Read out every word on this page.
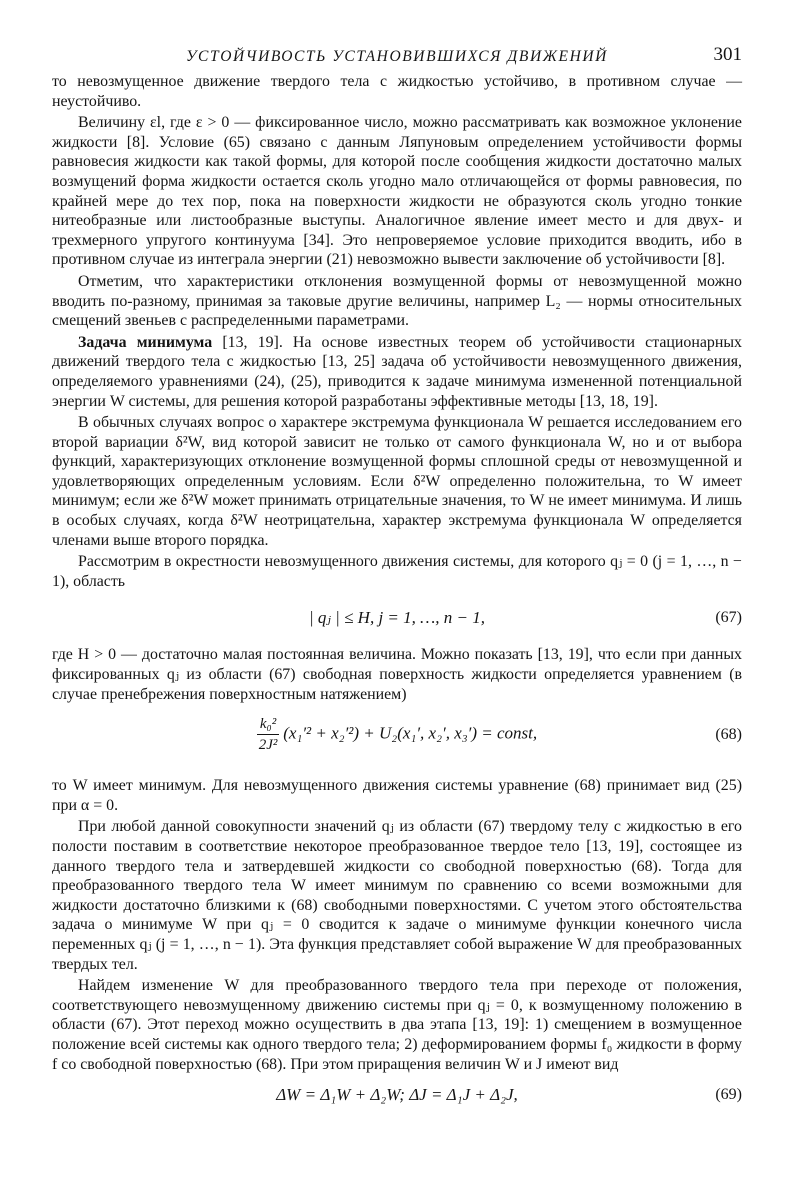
УСТОЙЧИВОСТЬ УСТАНОВИВШИХСЯ ДВИЖЕНИЙ	301

то невозмущенное движение твердого тела с жидкостью устойчиво, в противном случае — неустойчиво.

Величину εl, где ε > 0 — фиксированное число, можно рассматривать как возможное уклонение жидкости [8]. Условие (65) связано с данным Ляпуновым определением устойчивости формы равновесия жидкости как такой формы, для которой после сообщения жидкости достаточно малых возмущений форма жидкости остается сколь угодно мало отличающейся от формы равновесия, по крайней мере до тех пор, пока на поверхности жидкости не образуются сколь угодно тонкие нитеобразные или листообразные выступы. Аналогичное явление имеет место и для двух- и трехмерного упругого континуума [34]. Это непроверяемое условие приходится вводить, ибо в противном случае из интеграла энергии (21) невозможно вывести заключение об устойчивости [8].

Отметим, что характеристики отклонения возмущенной формы от невозмущенной можно вводить по-разному, принимая за таковые другие величины, например L₂ — нормы относительных смещений звеньев с распределенными параметрами.

Задача минимума [13, 19]. На основе известных теорем об устойчивости стационарных движений твердого тела с жидкостью [13, 25] задача об устойчивости невозмущенного движения, определяемого уравнениями (24), (25), приводится к задаче минимума измененной потенциальной энергии W системы, для решения которой разработаны эффективные методы [13, 18, 19].

В обычных случаях вопрос о характере экстремума функционала W решается исследованием его второй вариации δ²W, вид которой зависит не только от самого функционала W, но и от выбора функций, характеризующих отклонение возмущенной формы сплошной среды от невозмущенной и удовлетворяющих определенным условиям. Если δ²W определенно положительна, то W имеет минимум; если же δ²W может принимать отрицательные значения, то W не имеет минимума. И лишь в особых случаях, когда δ²W неотрицательна, характер экстремума функционала W определяется членами выше второго порядка.

Рассмотрим в окрестности невозмущенного движения системы, для которого qⱼ = 0 (j = 1, …, n − 1), область

| qⱼ | ≤ H, j = 1, …, n − 1,	(67)

где H > 0 — достаточно малая постоянная величина. Можно показать [13, 19], что если при данных фиксированных qⱼ из области (67) свободная поверхность жидкости определяется уравнением (в случае пренебрежения поверхностным натяжением)

$\frac{\text{k₀²}}{\text{2J²}} (x_1'^2 + x_2'^2) + U_2(x_1'$, x₂′, x₃′) = const,	(68)

то W имеет минимум. Для невозмущенного движения системы уравнение (68) принимает вид (25) при α = 0.

При любой данной совокупности значений qⱼ из области (67) твердому телу с жидкостью в его полости поставим в соответствие некоторое преобразованное твердое тело [13, 19], состоящее из данного твердого тела и затвердевшей жидкости со свободной поверхностью (68). Тогда для преобразованного твердого тела W имеет минимум по сравнению со всеми возможными для жидкости достаточно близкими к (68) свободными поверхностями. С учетом этого обстоятельства задача о минимуме W при qⱼ = 0 сводится к задаче о минимуме функции конечного числа переменных qⱼ (j = 1, …, n − 1). Эта функция представляет собой выражение W для преобразованных твердых тел.

Найдем изменение W для преобразованного твердого тела при переходе от положения, соответствующего невозмущенному движению системы при qⱼ = 0, к возмущенному положению в области (67). Этот переход можно осуществить в два этапа [13, 19]: 1) смещением в возмущенное положение всей системы как одного твердого тела; 2) деформированием формы f₀ жидкости в форму f со свободной поверхностью (68). При этом приращения величин W и J имеют вид

ΔW = Δ₁W + Δ₂W; ΔJ = Δ₁J + Δ₂J,	(69)
